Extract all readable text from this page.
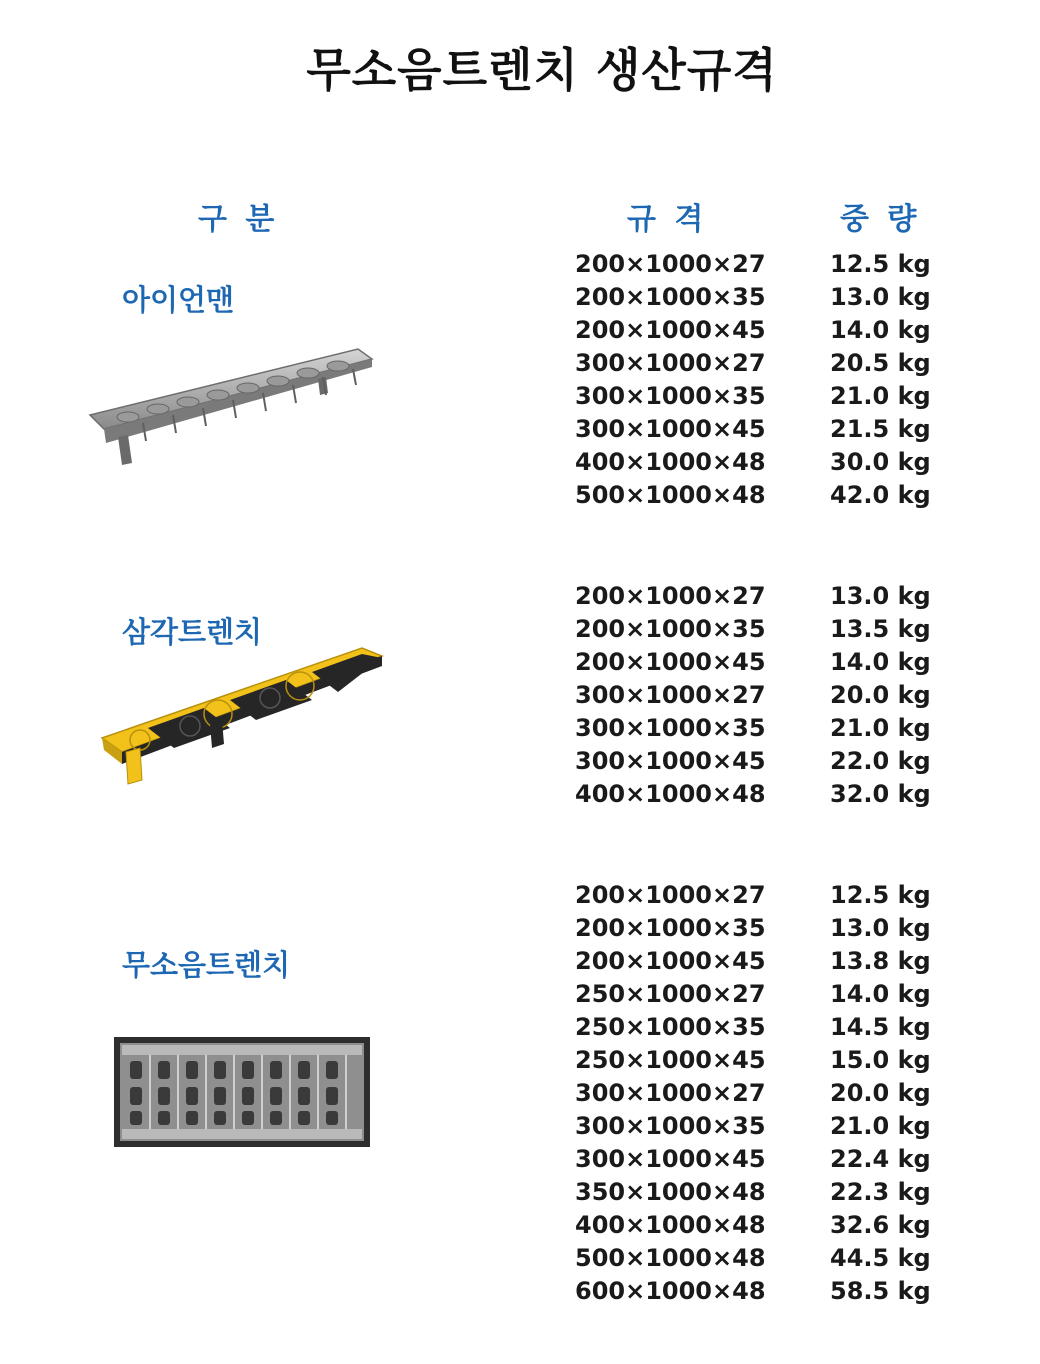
무소음트렌치 생산규격
구 분	규 격	중 량
아이언맨
200×1000×27	12.5 kg
200×1000×35	13.0 kg
200×1000×45	14.0 kg
300×1000×27	20.5 kg
300×1000×35	21.0 kg
300×1000×45	21.5 kg
400×1000×48	30.0 kg
500×1000×48	42.0 kg
삼각트렌치
200×1000×27	13.0 kg
200×1000×35	13.5 kg
200×1000×45	14.0 kg
300×1000×27	20.0 kg
300×1000×35	21.0 kg
300×1000×45	22.0 kg
400×1000×48	32.0 kg
무소음트렌치
200×1000×27	12.5 kg
200×1000×35	13.0 kg
200×1000×45	13.8 kg
250×1000×27	14.0 kg
250×1000×35	14.5 kg
250×1000×45	15.0 kg
300×1000×27	20.0 kg
300×1000×35	21.0 kg
300×1000×45	22.4 kg
350×1000×48	22.3 kg
400×1000×48	32.6 kg
500×1000×48	44.5 kg
600×1000×48	58.5 kg
